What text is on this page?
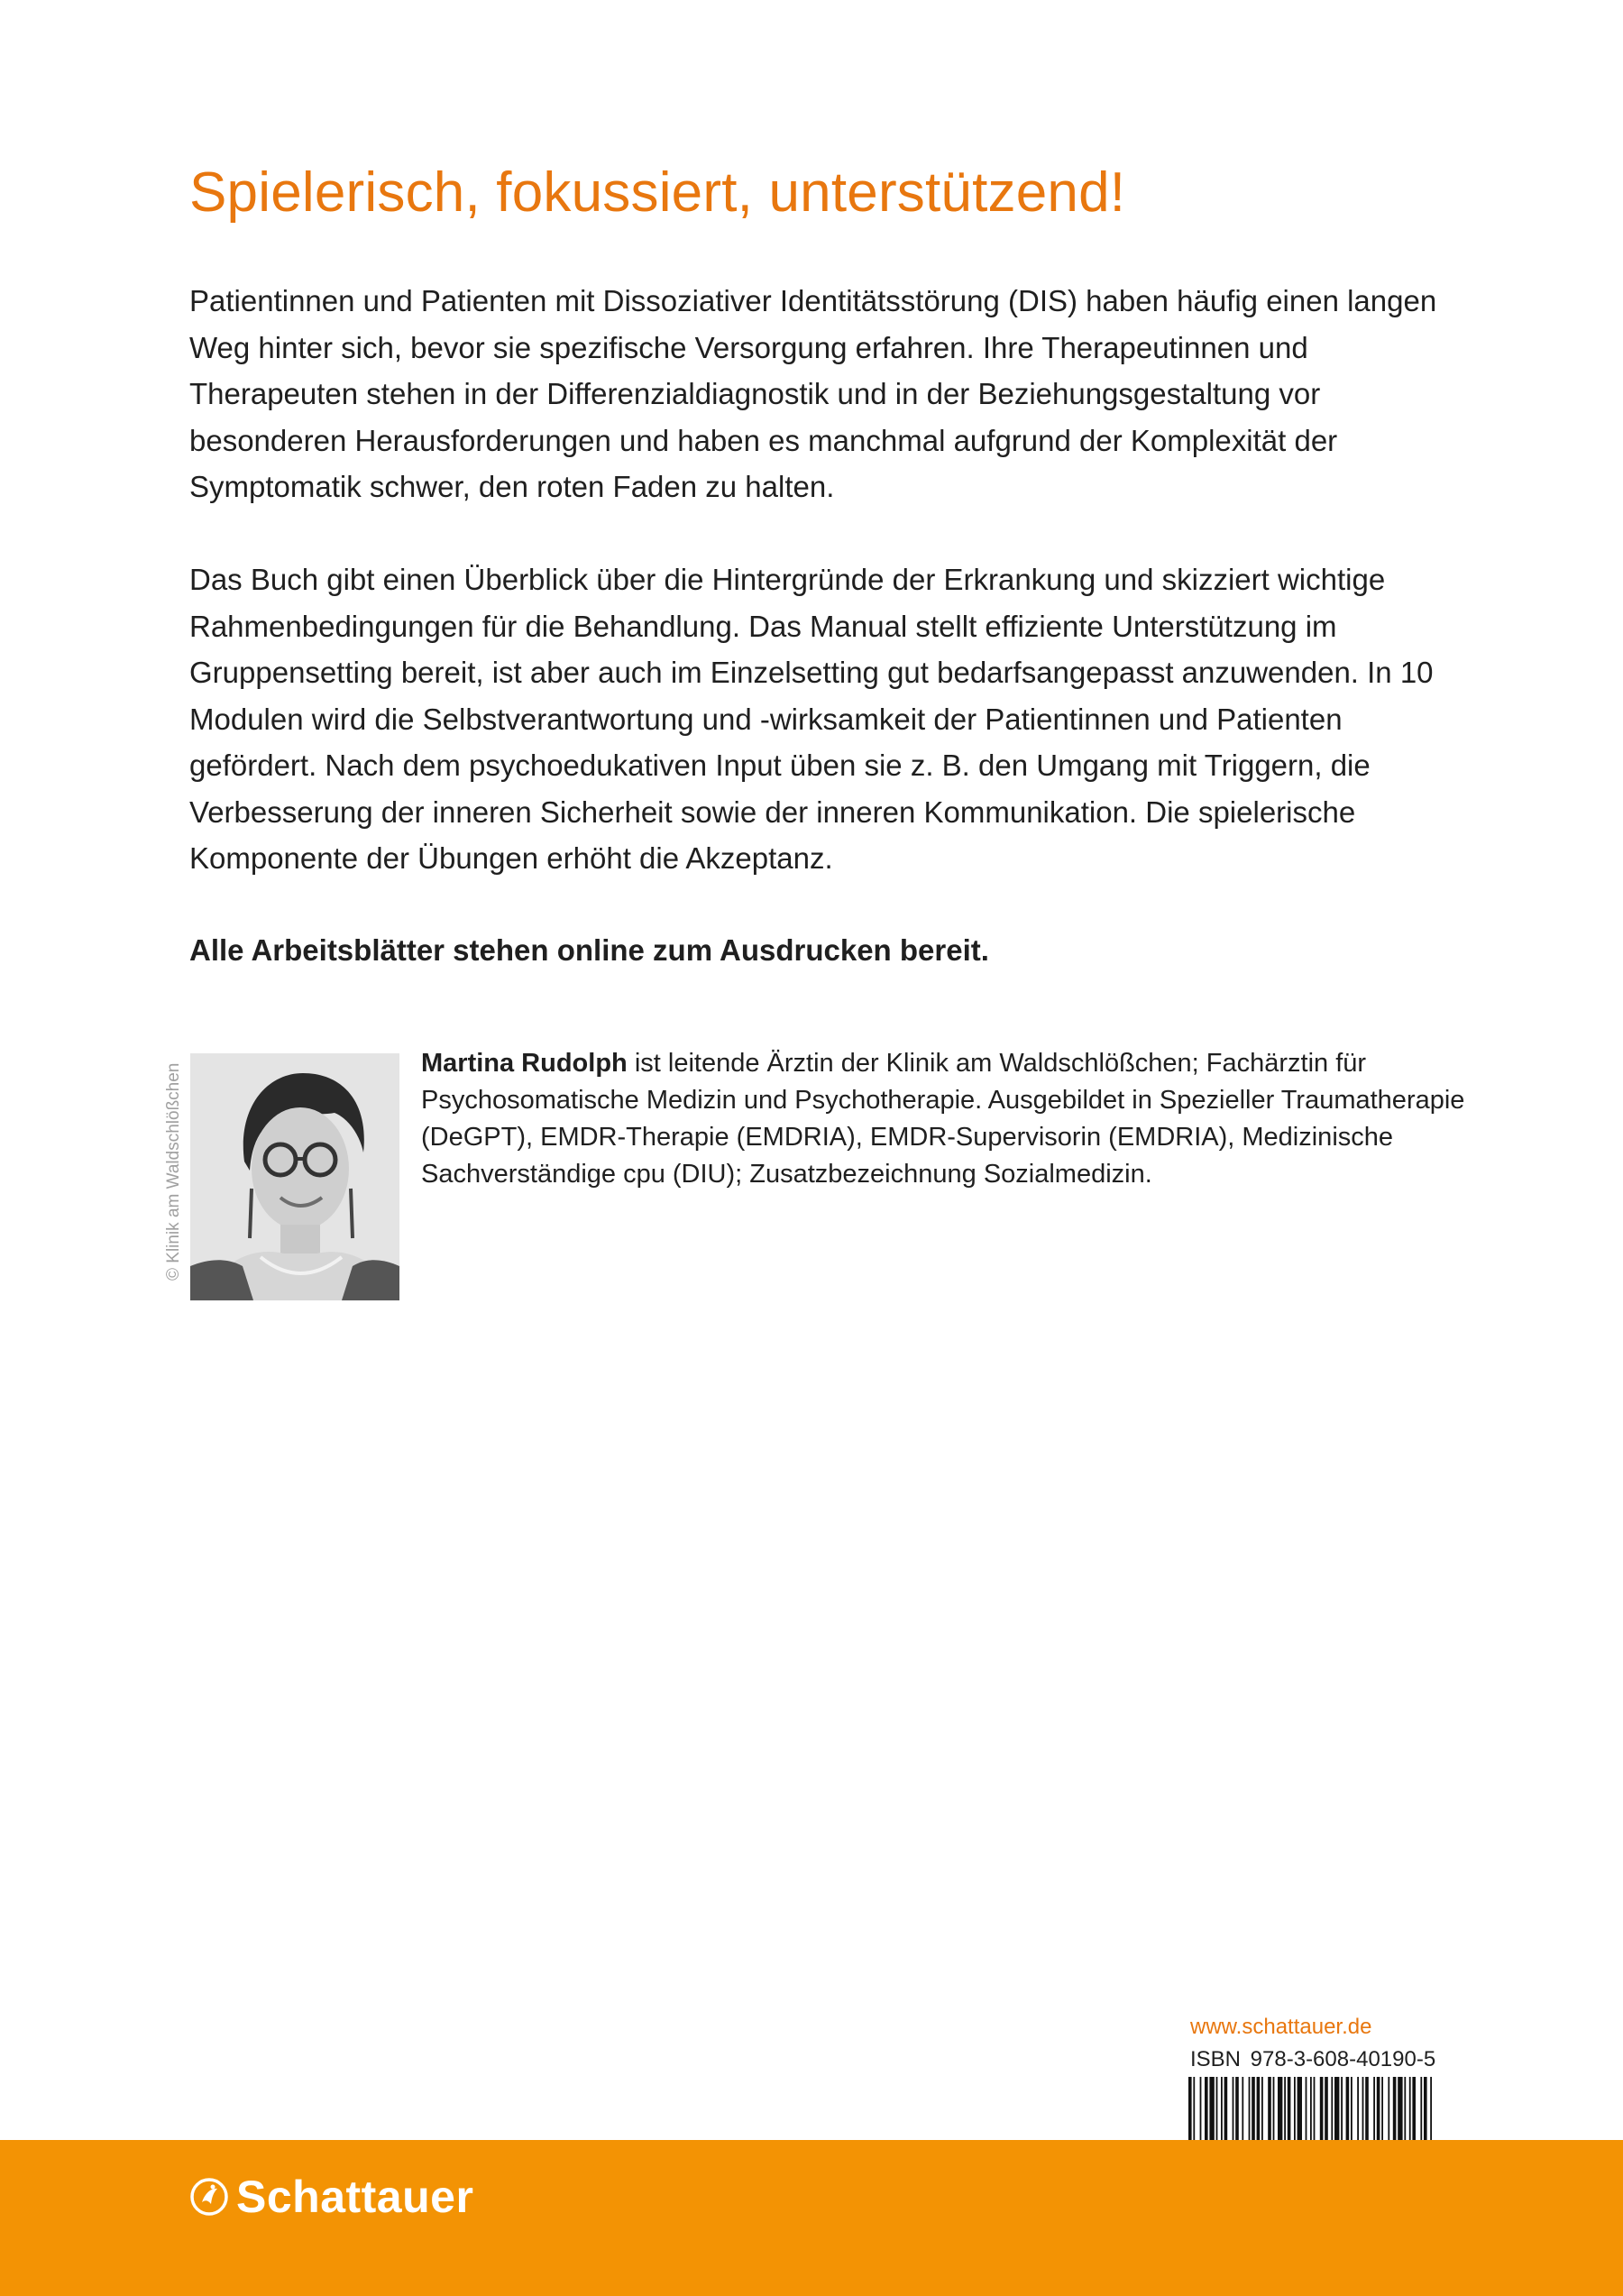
Spielerisch, fokussiert, unterstützend!

Patientinnen und Patienten mit Dissoziativer Identitätsstörung (DIS) haben häufig einen langen Weg hinter sich, bevor sie spezifische Versorgung erfahren. Ihre Therapeutinnen und Therapeuten stehen in der Differenzialdiagnostik und in der Beziehungsgestaltung vor besonderen Herausforderungen und haben es manchmal aufgrund der Komplexität der Symptomatik schwer, den roten Faden zu halten.

Das Buch gibt einen Überblick über die Hintergründe der Erkrankung und skizziert wichtige Rahmenbedingungen für die Behandlung. Das Manual stellt effiziente Unterstützung im Gruppensetting bereit, ist aber auch im Einzelsetting gut bedarfsangepasst anzuwenden. In 10 Modulen wird die Selbstverantwortung und -wirksamkeit der Patientinnen und Patienten gefördert. Nach dem psychoedukativen Input üben sie z. B. den Umgang mit Triggern, die Verbesserung der inneren Sicherheit sowie der inneren Kommunikation. Die spielerische Komponente der Übungen erhöht die Akzeptanz.

Alle Arbeitsblätter stehen online zum Ausdrucken bereit.

© Klinik am Waldschlößchen	Martina Rudolph ist leitende Ärztin der Klinik am Waldschlößchen; Fachärztin für Psychosomatische Medizin und Psychotherapie. Ausgebildet in Spezieller Traumatherapie (DeGPT), EMDR-Therapie (EMDRIA), EMDR-Supervisorin (EMDRIA), Medizinische Sachverständige cpu (DIU); Zusatzbezeichnung Sozialmedizin.

www.schattauer.de
ISBN 978-3-608-40190-5
Schattauer
